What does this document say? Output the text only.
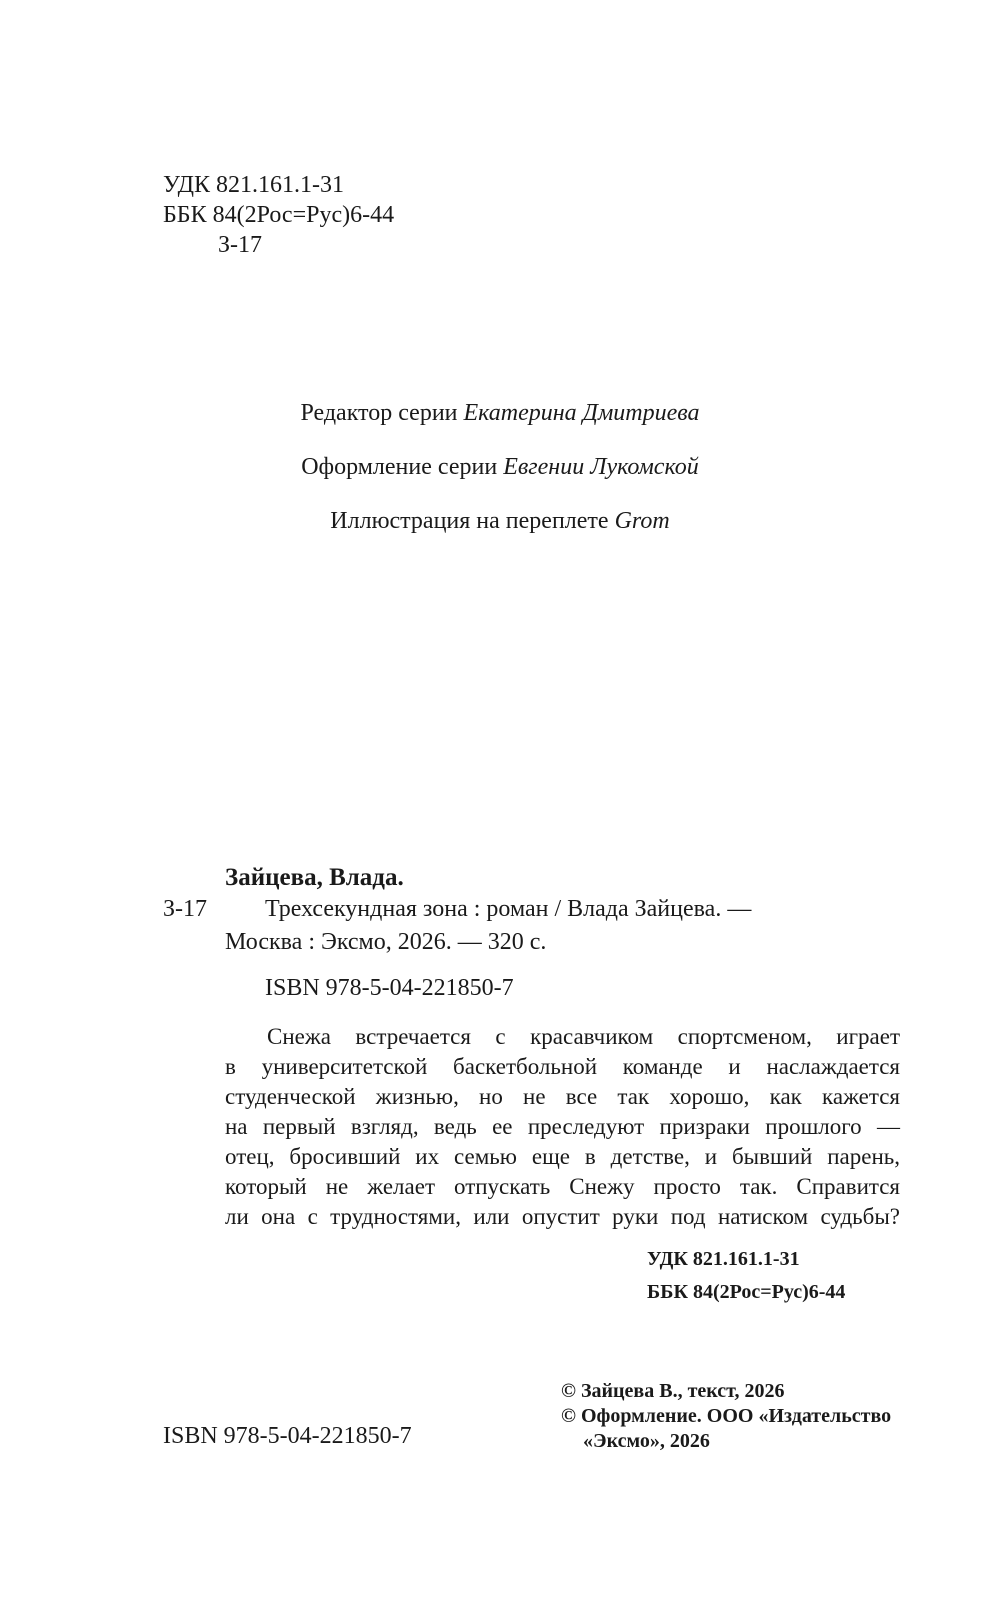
УДК 821.161.1-31
ББК 84(2Рос=Рус)6-44
З-17
Редактор серии Екатерина Дмитриева
Оформление серии Евгении Лукомской
Иллюстрация на переплете Grom
Зайцева, Влада.
З-17 Трехсекундная зона : роман / Влада Зайцева. —
Москва : Эксмо, 2026. — 320 с.
ISBN 978-5-04-221850-7
Снежа встречается с красавчиком спортсменом, играет
в университетской баскетбольной команде и наслаждается
студенческой жизнью, но не все так хорошо, как кажется
на первый взгляд, ведь ее преследуют призраки прошлого —
отец, бросивший их семью еще в детстве, и бывший парень,
который не желает отпускать Снежу просто так. Справится
ли она с трудностями, или опустит руки под натиском судьбы?
УДК 821.161.1-31
ББК 84(2Рос=Рус)6-44
ISBN 978-5-04-221850-7
© Зайцева В., текст, 2026
© Оформление. ООО «Издательство
«Эксмо», 2026
